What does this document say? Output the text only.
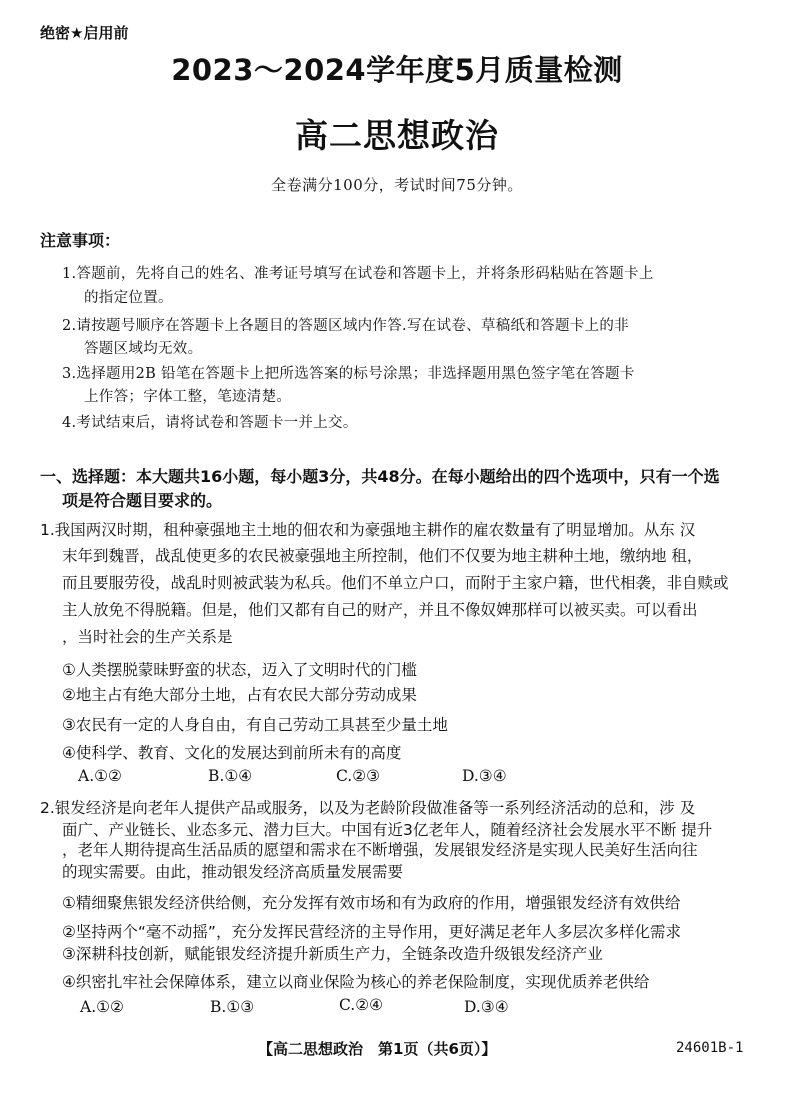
绝密★启用前
2023～2024学年度5月质量检测
高二思想政治
全卷满分100分，考试时间75分钟。
注意事项：
1.答题前，先将自己的姓名、准考证号填写在试卷和答题卡上，并将条形码粘贴在答题卡上
的指定位置。
2.请按题号顺序在答题卡上各题目的答题区域内作答.写在试卷、草稿纸和答题卡上的非
答题区域均无效。
3.选择题用2B 铅笔在答题卡上把所选答案的标号涂黑；非选择题用黑色签字笔在答题卡
上作答；字体工整，笔迹清楚。
4.考试结束后，请将试卷和答题卡一并上交。
一、选择题：本大题共16小题，每小题3分，共48分。在每小题给出的四个选项中，只有一个选
项是符合题目要求的。
1.我国两汉时期，租种豪强地主土地的佃农和为豪强地主耕作的雇农数量有了明显增加。从东 汉
末年到魏晋，战乱使更多的农民被豪强地主所控制，他们不仅要为地主耕种土地，缴纳地 租，
而且要服劳役，战乱时则被武装为私兵。他们不单立户口，而附于主家户籍，世代相袭，非自赎或
主人放免不得脱籍。但是，他们又都有自己的财产，并且不像奴婢那样可以被买卖。可以看出
，当时社会的生产关系是
①人类摆脱蒙昧野蛮的状态，迈入了文明时代的门槛
②地主占有绝大部分土地，占有农民大部分劳动成果
③农民有一定的人身自由，有自己劳动工具甚至少量土地
④使科学、教育、文化的发展达到前所未有的高度
A.①②	B.①④	C.②③	D.③④
2.银发经济是向老年人提供产品或服务，以及为老龄阶段做准备等一系列经济活动的总和，涉 及
面广、产业链长、业态多元、潜力巨大。中国有近3亿老年人，随着经济社会发展水平不断 提升
，老年人期待提高生活品质的愿望和需求在不断增强，发展银发经济是实现人民美好生活向往
的现实需要。由此，推动银发经济高质量发展需要
①精细聚焦银发经济供给侧，充分发挥有效市场和有为政府的作用，增强银发经济有效供给
②坚持两个“毫不动摇”，充分发挥民营经济的主导作用，更好满足老年人多层次多样化需求
③深耕科技创新，赋能银发经济提升新质生产力，全链条改造升级银发经济产业
④织密扎牢社会保障体系，建立以商业保险为核心的养老保险制度，实现优质养老供给
A.①②	B.①③	C.②④	D.③④
【高二思想政治　第1页（共6页）】	24601B-1
